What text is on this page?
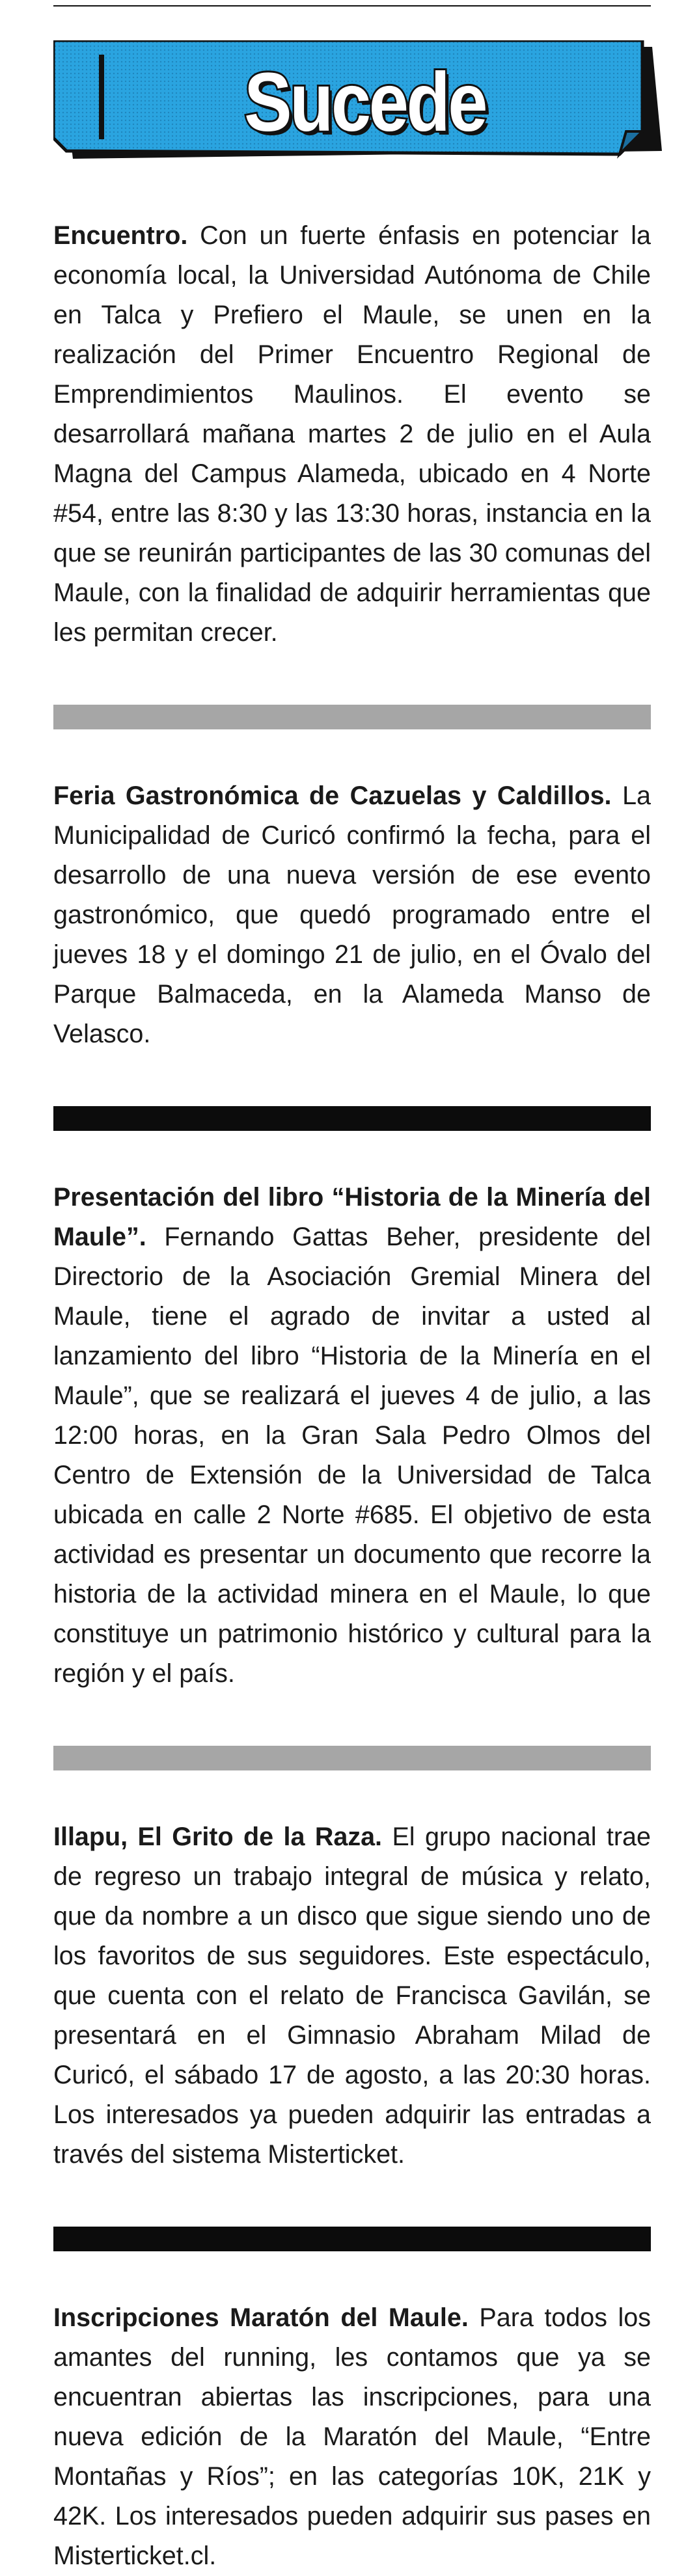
Sucede

Encuentro. Con un fuerte énfasis en potenciar la economía local, la Universidad Autónoma de Chile en Talca y Prefiero el Maule, se unen en la realización del Primer Encuentro Regional de Emprendimientos Maulinos. El evento se desarrollará mañana martes 2 de julio en el Aula Magna del Campus Alameda, ubicado en 4 Norte #54, entre las 8:30 y las 13:30 horas, instancia en la que se reunirán participantes de las 30 comunas del Maule, con la finalidad de adquirir herramientas que les permitan crecer.

Feria Gastronómica de Cazuelas y Caldillos. La Municipalidad de Curicó confirmó la fecha, para el desarrollo de una nueva versión de ese evento gastronómico, que quedó programado entre el jueves 18 y el domingo 21 de julio, en el Óvalo del Parque Balmaceda, en la Alameda Manso de Velasco.

Presentación del libro “Historia de la Minería del Maule”. Fernando Gattas Beher, presidente del Directorio de la Asociación Gremial Minera del Maule, tiene el agrado de invitar a usted al lanzamiento del libro “Historia de la Minería en el Maule”, que se realizará el jueves 4 de julio, a las 12:00 horas, en la Gran Sala Pedro Olmos del Centro de Extensión de la Universidad de Talca ubicada en calle 2 Norte #685. El objetivo de esta actividad es presentar un documento que recorre la historia de la actividad minera en el Maule, lo que constituye un patrimonio histórico y cultural para la región y el país.

Illapu, El Grito de la Raza. El grupo nacional trae de regreso un trabajo integral de música y relato, que da nombre a un disco que sigue siendo uno de los favoritos de sus seguidores. Este espectáculo, que cuenta con el relato de Francisca Gavilán, se presentará en el Gimnasio Abraham Milad de Curicó, el sábado 17 de agosto, a las 20:30 horas. Los interesados ya pueden adquirir las entradas a través del sistema Misterticket.

Inscripciones Maratón del Maule. Para todos los amantes del running, les contamos que ya se encuentran abiertas las inscripciones, para una nueva edición de la Maratón del Maule, “Entre Montañas y Ríos”; en las categorías 10K, 21K y 42K. Los interesados pueden adquirir sus pases en Misterticket.cl.
